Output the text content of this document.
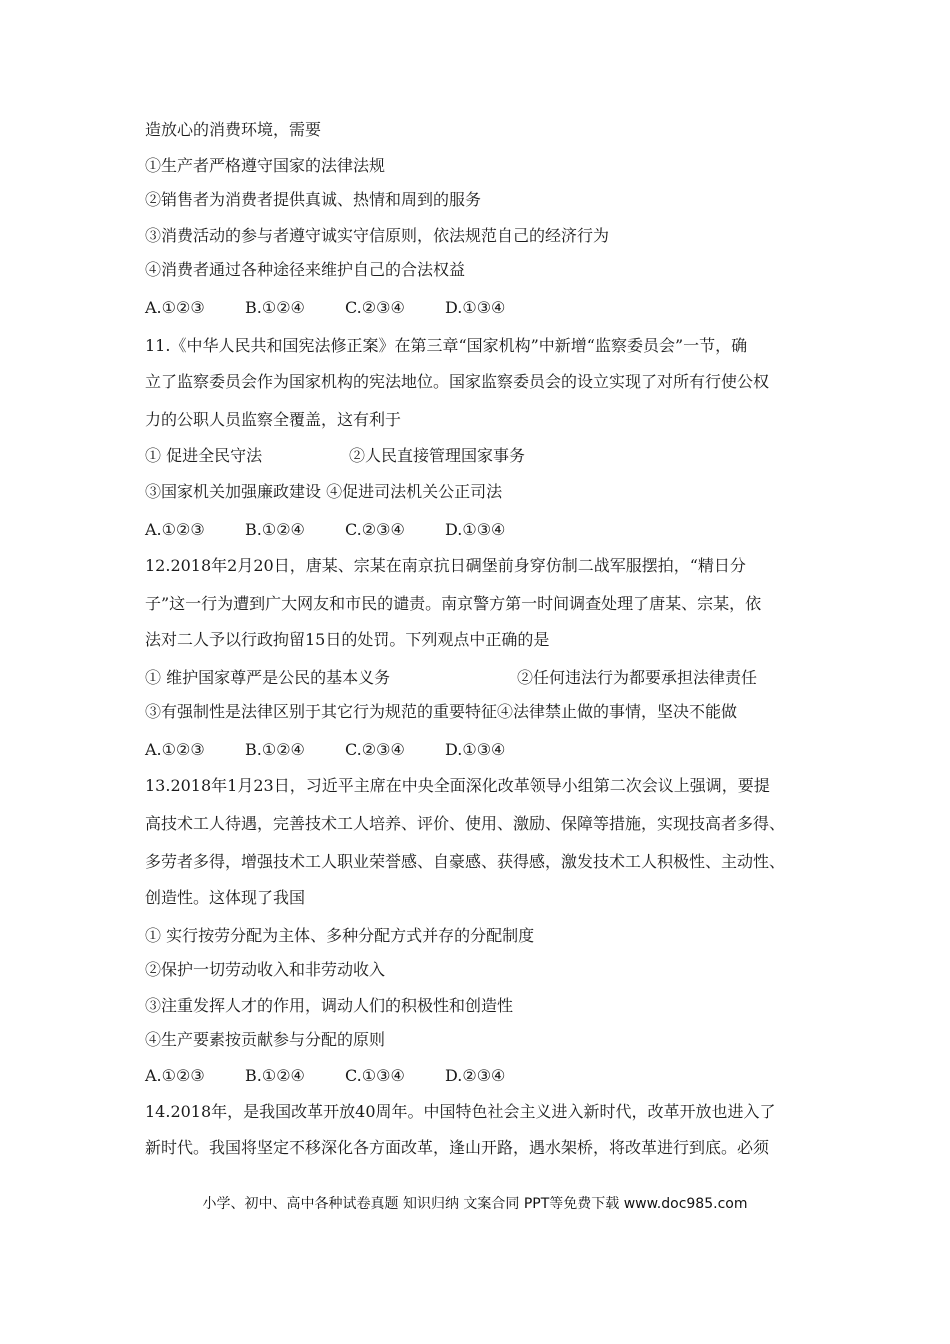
造放心的消费环境，需要
①生产者严格遵守国家的法律法规
②销售者为消费者提供真诚、热情和周到的服务
③消费活动的参与者遵守诚实守信原则，依法规范自己的经济行为
④消费者通过各种途径来维护自己的合法权益
A.①②③	B.①②④	C.②③④	D.①③④
11.《中华人民共和国宪法修正案》在第三章“国家机构”中新增“监察委员会”一节，确
立了监察委员会作为国家机构的宪法地位。国家监察委员会的设立实现了对所有行使公权
力的公职人员监察全覆盖，这有利于
① 促进全民守法	②人民直接管理国家事务
③国家机关加强廉政建设 ④促进司法机关公正司法
A.①②③	B.①②④	C.②③④	D.①③④
12.2018年2月20日，唐某、宗某在南京抗日碉堡前身穿仿制二战军服摆拍，“精日分
子”这一行为遭到广大网友和市民的谴责。南京警方第一时间调查处理了唐某、宗某，依
法对二人予以行政拘留15日的处罚。下列观点中正确的是
① 维护国家尊严是公民的基本义务	②任何违法行为都要承担法律责任
③有强制性是法律区别于其它行为规范的重要特征④法律禁止做的事情，坚决不能做
A.①②③	B.①②④	C.②③④	D.①③④
13.2018年1月23日，习近平主席在中央全面深化改革领导小组第二次会议上强调，要提
高技术工人待遇，完善技术工人培养、评价、使用、激励、保障等措施，实现技高者多得、
多劳者多得，增强技术工人职业荣誉感、自豪感、获得感，激发技术工人积极性、主动性、
创造性。这体现了我国
① 实行按劳分配为主体、多种分配方式并存的分配制度
②保护一切劳动收入和非劳动收入
③注重发挥人才的作用，调动人们的积极性和创造性
④生产要素按贡献参与分配的原则
A.①②③	B.①②④	C.①③④	D.②③④
14.2018年，是我国改革开放40周年。中国特色社会主义进入新时代，改革开放也进入了
新时代。我国将坚定不移深化各方面改革，逢山开路，遇水架桥，将改革进行到底。必须
小学、初中、高中各种试卷真题 知识归纳 文案合同 PPT等免费下载 www.doc985.com
